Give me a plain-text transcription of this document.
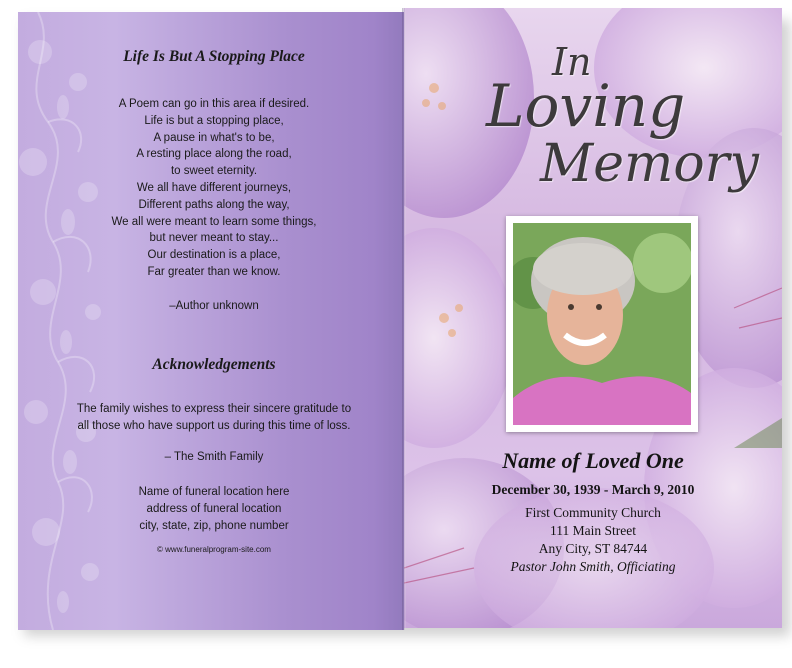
Life Is But A Stopping Place
A Poem can go in this area if desired.
Life is but a stopping place,
A pause in what's to be,
A resting place along the road,
to sweet eternity.
We all have different journeys,
Different paths along the way,
We all were meant to learn some things,
but never meant to stay...
Our destination is a place,
Far greater than we know.
–Author unknown
Acknowledgements
The family wishes to express their sincere gratitude to
all those who have support us during this time of loss.
– The Smith Family
Name of funeral location here
address of funeral location
city, state, zip, phone number
© www.funeralprogram-site.com
In
Loving
Memory
Name of Loved One
December 30, 1939 - March 9, 2010
First Community Church
111 Main Street
Any City, ST 84744
Pastor John Smith, Officiating
